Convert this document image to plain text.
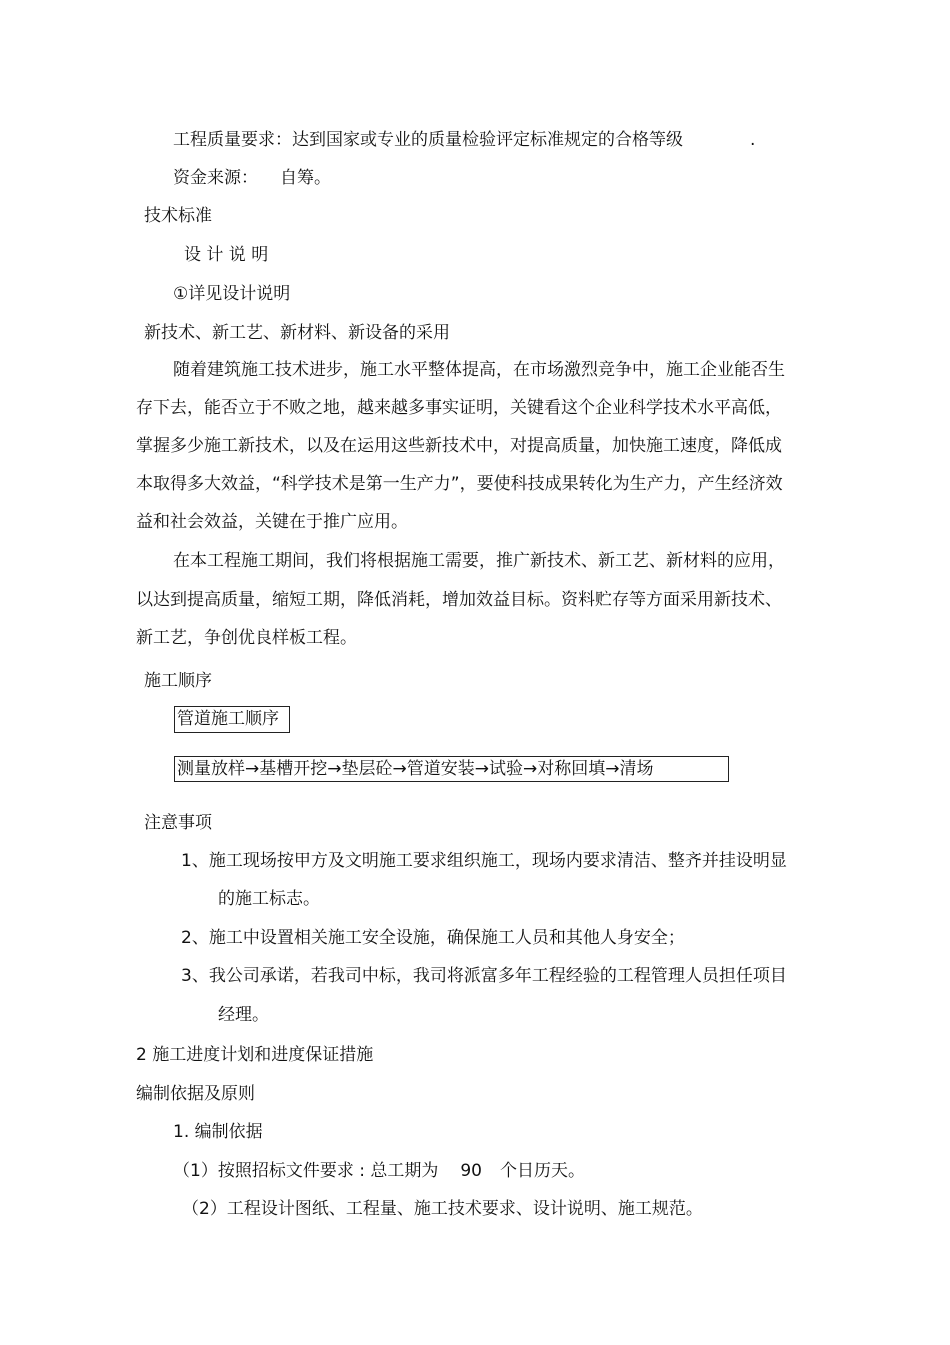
工程质量要求：达到国家或专业的质量检验评定标准规定的合格等级	.
资金来源： 自筹。
技术标准
设 计 说 明
①详见设计说明
新技术、新工艺、新材料、新设备的采用
随着建筑施工技术进步，施工水平整体提高，在市场激烈竞争中，施工企业能否生
存下去，能否立于不败之地，越来越多事实证明，关键看这个企业科学技术水平高低，
掌握多少施工新技术，以及在运用这些新技术中，对提高质量，加快施工速度，降低成
本取得多大效益，“科学技术是第一生产力”，要使科技成果转化为生产力，产生经济效
益和社会效益，关键在于推广应用。
在本工程施工期间，我们将根据施工需要，推广新技术、新工艺、新材料的应用，
以达到提高质量，缩短工期，降低消耗，增加效益目标。资料贮存等方面采用新技术、
新工艺，争创优良样板工程。
施工顺序
管道施工顺序
测量放样→基槽开挖→垫层砼→管道安装→试验→对称回填→清场
注意事项
1、施工现场按甲方及文明施工要求组织施工，现场内要求清洁、整齐并挂设明显
的施工标志。
2、施工中设置相关施工安全设施，确保施工人员和其他人身安全；
3、我公司承诺，若我司中标，我司将派富多年工程经验的工程管理人员担任项目
经理。
2 施工进度计划和进度保证措施
编制依据及原则
1. 编制依据
（1）按照招标文件要求 : 总工期为 90 个日历天。
（2）工程设计图纸、工程量、施工技术要求、设计说明、施工规范。
